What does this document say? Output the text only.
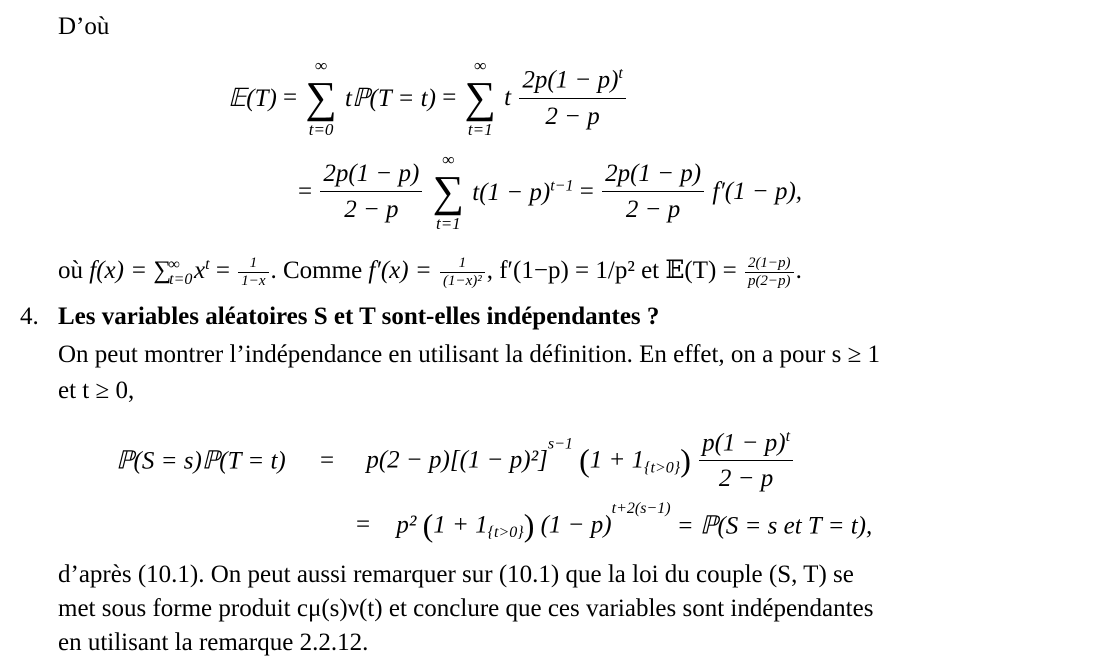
D’où
𝔼(T) =
∞
∑
t=0
tℙ(T = t) =
∞
∑
t=1
t $\frac{2p(1 - p)^t}{2 - p}$
= $\frac{2p(1 - p)}{2 - p}$

∞
∑
t=1
$t(1 - p)^{t-1} = \frac{2p(1 - p)}{2 - p} f'(1 - p)$,
où $f(x) = \sum_{t=0}^\infty$ $x^t = \frac{1}{1-x}$ . Comme $f'(x) = \frac{1}{\text{(1−x)²}}$ , f′(1−p) = 1/p² et 𝔼(T) = $\frac{2(1-p)}{p(2-p)}$ .
4. Les variables aléatoires S et T sont-elles indépendantes ?
On peut montrer l’indépendance en utilisant la définition. En effet, on a pour s ≥ 1
et t ≥ 0,
ℙ(S = s)ℙ(T = $t) = p(2 - p)[(1 - p)^2]^{s-1}$ $(1 + 1_{\{t>0\}}) \frac{p(1 - p)^t}{2 - p}$
= p² $(1 + 1_{\{t>0\}})$ $(1 - p)^{t+2(s-1)}$ = ℙ(S = s et T = t),
d’après (10.1). On peut aussi remarquer sur (10.1) que la loi du couple (S, T) se
met sous forme produit cμ(s)ν(t) et conclure que ces variables sont indépendantes
en utilisant la remarque 2.2.12.
